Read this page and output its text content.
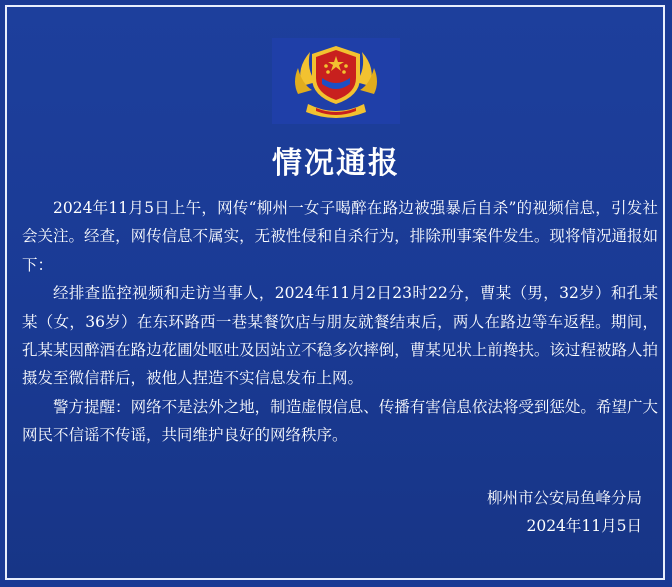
情况通报

2024年11月5日上午，网传“柳州一女子喝醉在路边被强暴后自杀”的视频信息，引发社会关注。经查，网传信息不属实，无被性侵和自杀行为，排除刑事案件发生。现将情况通报如下：

经排查监控视频和走访当事人，2024年11月2日23时22分，曹某（男，32岁）和孔某某（女，36岁）在东环路西一巷某餐饮店与朋友就餐结束后，两人在路边等车返程。期间，孔某某因醉酒在路边花圃处呕吐及因站立不稳多次摔倒，曹某见状上前搀扶。该过程被路人拍摄发至微信群后，被他人捏造不实信息发布上网。

警方提醒：网络不是法外之地，制造虚假信息、传播有害信息依法将受到惩处。希望广大网民不信谣不传谣，共同维护良好的网络秩序。

柳州市公安局鱼峰分局
2024年11月5日
